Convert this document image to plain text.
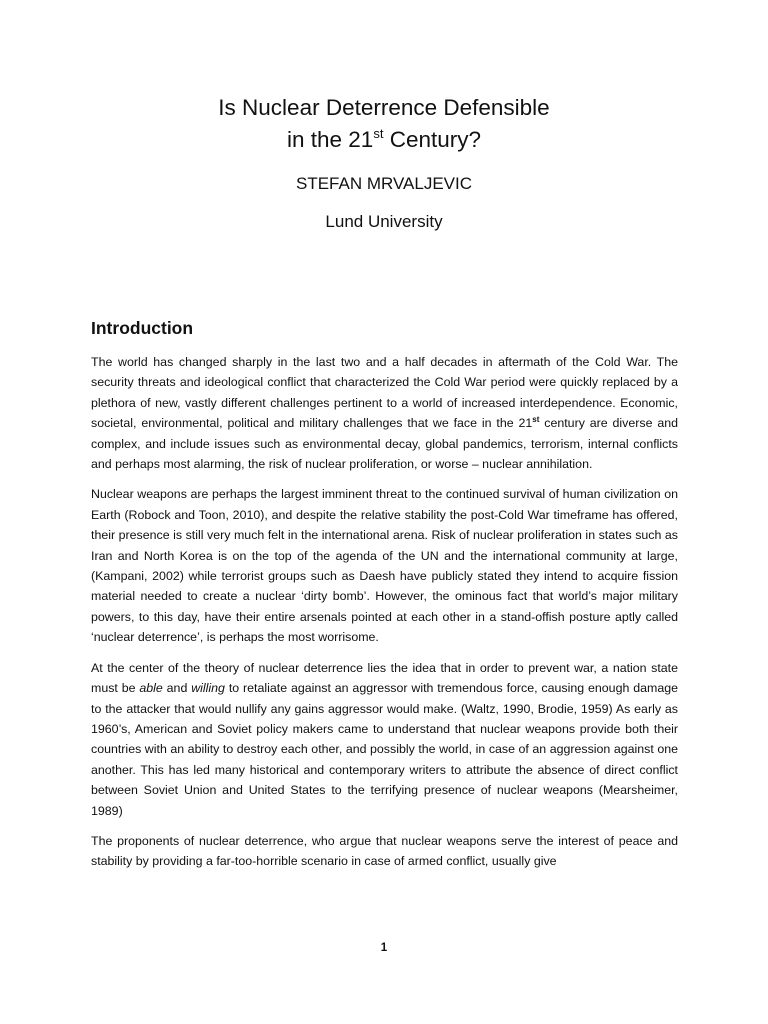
Is Nuclear Deterrence Defensible
in the 21st Century?
STEFAN MRVALJEVIC
Lund University
Introduction

The world has changed sharply in the last two and a half decades in aftermath of the Cold War. The security threats and ideological conflict that characterized the Cold War period were quickly replaced by a plethora of new, vastly different challenges pertinent to a world of increased interdependence. Economic, societal, environmental, political and military challenges that we face in the 21st century are diverse and complex, and include issues such as environmental decay, global pandemics, terrorism, internal conflicts and perhaps most alarming, the risk of nuclear proliferation, or worse – nuclear annihilation.

Nuclear weapons are perhaps the largest imminent threat to the continued survival of human civilization on Earth (Robock and Toon, 2010), and despite the relative stability the post-Cold War timeframe has offered, their presence is still very much felt in the international arena. Risk of nuclear proliferation in states such as Iran and North Korea is on the top of the agenda of the UN and the international community at large, (Kampani, 2002) while terrorist groups such as Daesh have publicly stated they intend to acquire fission material needed to create a nuclear ‘dirty bomb’. However, the ominous fact that world’s major military powers, to this day, have their entire arsenals pointed at each other in a stand-offish posture aptly called ‘nuclear deterrence’, is perhaps the most worrisome.

At the center of the theory of nuclear deterrence lies the idea that in order to prevent war, a nation state must be able and willing to retaliate against an aggressor with tremendous force, causing enough damage to the attacker that would nullify any gains aggressor would make. (Waltz, 1990, Brodie, 1959) As early as 1960’s, American and Soviet policy makers came to understand that nuclear weapons provide both their countries with an ability to destroy each other, and possibly the world, in case of an aggression against one another. This has led many historical and contemporary writers to attribute the absence of direct conflict between Soviet Union and United States to the terrifying presence of nuclear weapons (Mearsheimer, 1989)

The proponents of nuclear deterrence, who argue that nuclear weapons serve the interest of peace and stability by providing a far-too-horrible scenario in case of armed conflict, usually give

1
